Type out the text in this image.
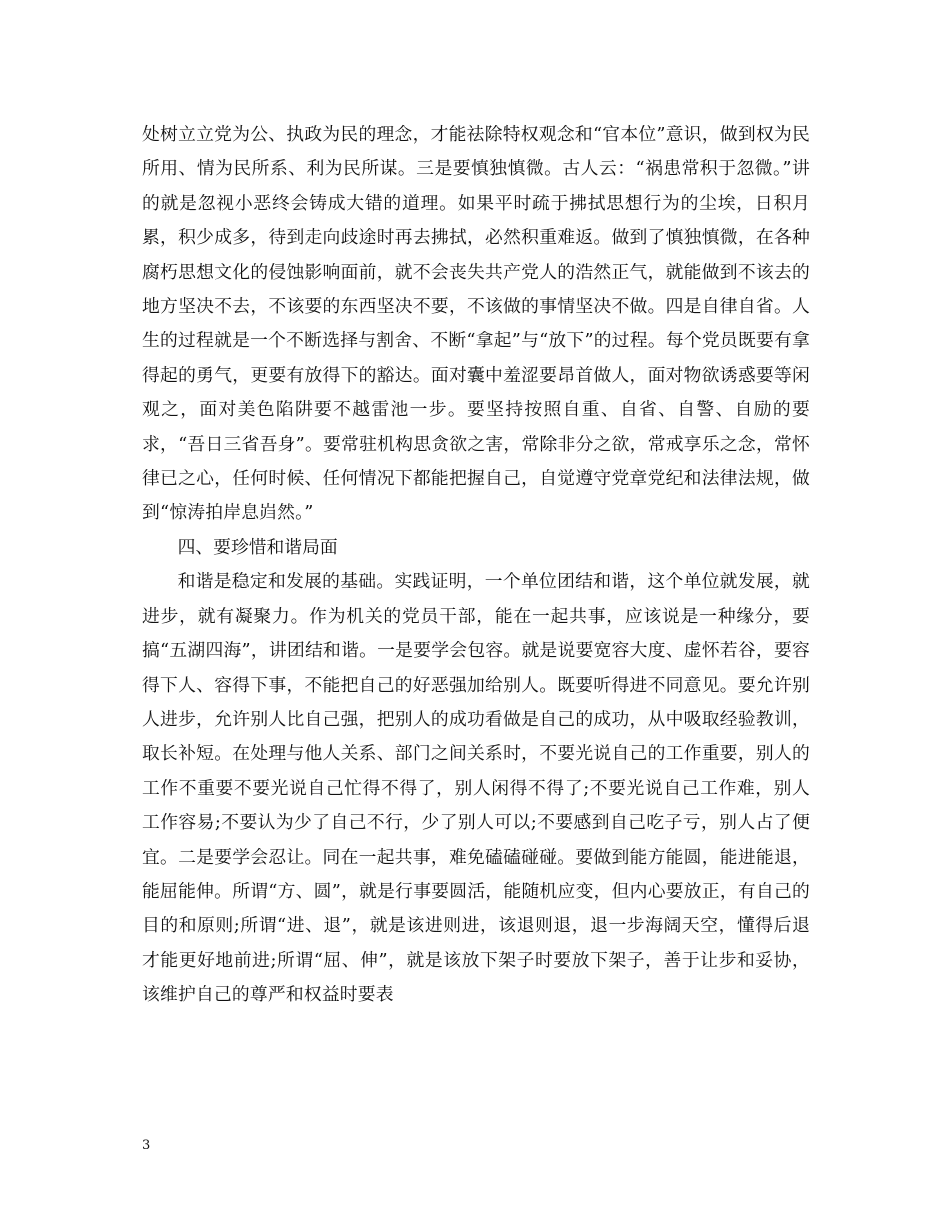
处树立立党为公、执政为民的理念，才能祛除特权观念和“官本位”意识，做到权为民所用、情为民所系、利为民所谋。三是要慎独慎微。古人云：“祸患常积于忽微。”讲的就是忽视小恶终会铸成大错的道理。如果平时疏于拂拭思想行为的尘埃，日积月累，积少成多，待到走向歧途时再去拂拭，必然积重难返。做到了慎独慎微，在各种腐朽思想文化的侵蚀影响面前，就不会丧失共产党人的浩然正气，就能做到不该去的地方坚决不去，不该要的东西坚决不要，不该做的事情坚决不做。四是自律自省。人生的过程就是一个不断选择与割舍、不断“拿起”与“放下”的过程。每个党员既要有拿得起的勇气，更要有放得下的豁达。面对囊中羞涩要昂首做人，面对物欲诱惑要等闲观之，面对美色陷阱要不越雷池一步。要坚持按照自重、自省、自警、自励的要求，“吾日三省吾身”。要常驻机构思贪欲之害，常除非分之欲，常戒享乐之念，常怀律已之心，任何时候、任何情况下都能把握自己，自觉遵守党章党纪和法律法规，做到“惊涛拍岸息岿然。”

四、要珍惜和谐局面

和谐是稳定和发展的基础。实践证明，一个单位团结和谐，这个单位就发展，就进步，就有凝聚力。作为机关的党员干部，能在一起共事，应该说是一种缘分，要搞“五湖四海”，讲团结和谐。一是要学会包容。就是说要宽容大度、虚怀若谷，要容得下人、容得下事，不能把自己的好恶强加给别人。既要听得进不同意见。要允许别人进步，允许别人比自己强，把别人的成功看做是自己的成功，从中吸取经验教训，取长补短。在处理与他人关系、部门之间关系时，不要光说自己的工作重要，别人的工作不重要不要光说自己忙得不得了，别人闲得不得了;不要光说自己工作难，别人工作容易;不要认为少了自己不行，少了别人可以;不要感到自己吃子亏，别人占了便宜。二是要学会忍让。同在一起共事，难免磕磕碰碰。要做到能方能圆，能进能退，能屈能伸。所谓“方、圆”，就是行事要圆活，能随机应变，但内心要放正，有自己的目的和原则;所谓“进、退”，就是该进则进，该退则退，退一步海阔天空，懂得后退才能更好地前进;所谓“屈、伸”，就是该放下架子时要放下架子，善于让步和妥协，该维护自己的尊严和权益时要表

3
